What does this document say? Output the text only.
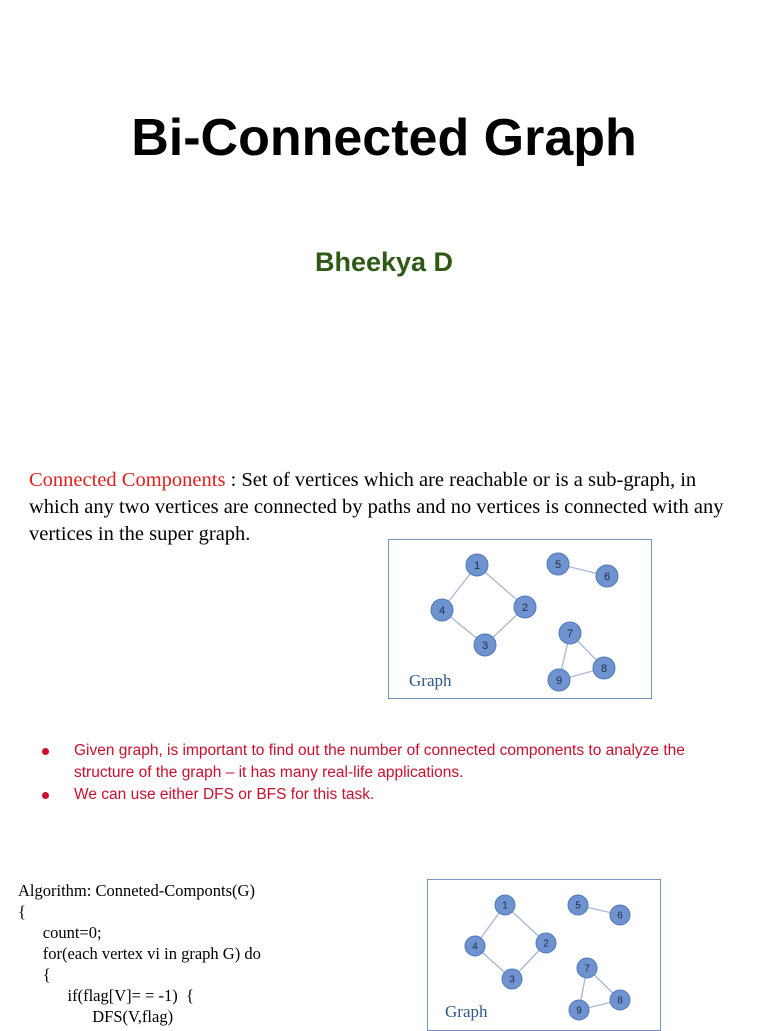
Bi-Connected Graph
Bheekya D
Connected Components : Set of vertices which are reachable or is a sub-graph, in which any two vertices are connected by paths and no vertices is connected with any vertices in the super graph.
1
2
3
4
5
6
7
8
9
Graph
Given graph, is important to find out the number of connected components to analyze the structure of the graph – it has many real-life applications.
We can use either DFS or BFS for this task.
Algorithm: Conneted-Componts(G)
{
count=0;
for(each vertex vi in graph G) do
{
if(flag[V]= = -1)  {
DFS(V,flag)
1
2
3
4
5
6
7
8
9
Graph
